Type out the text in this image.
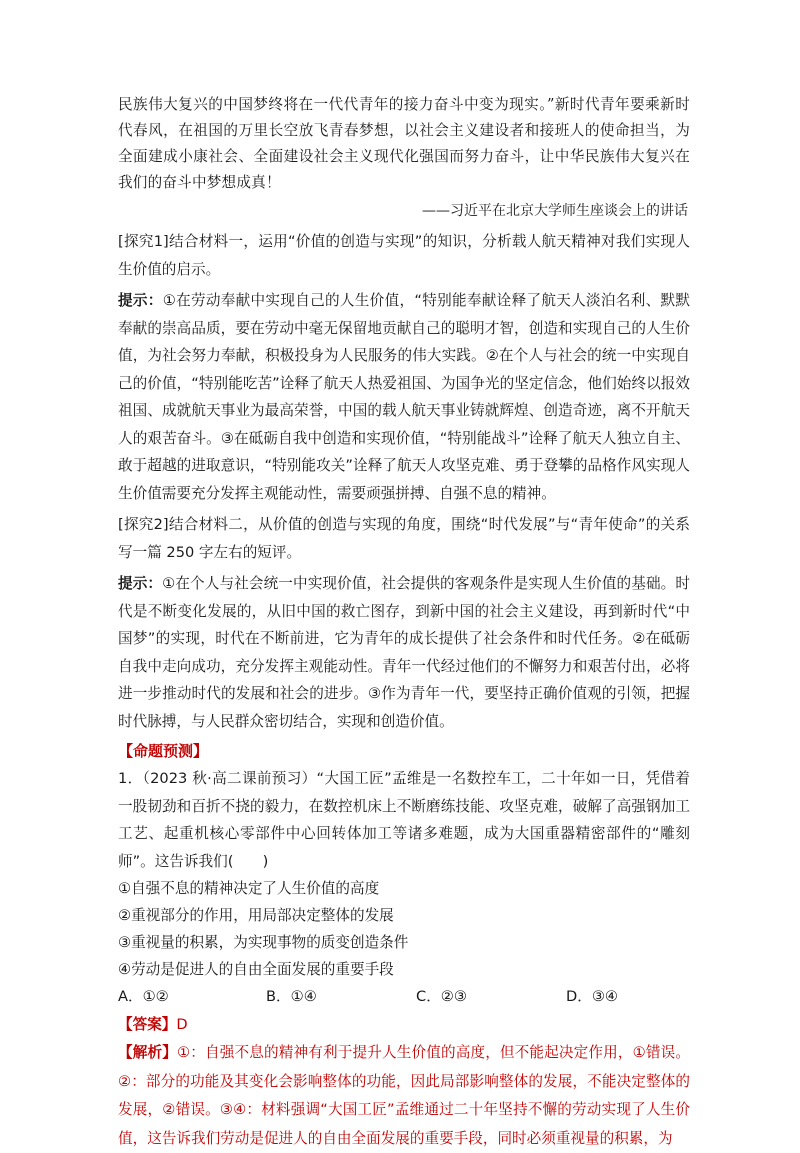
民族伟大复兴的中国梦终将在一代代青年的接力奋斗中变为现实。”新时代青年要乘新时代春风，在祖国的万里长空放飞青春梦想，以社会主义建设者和接班人的使命担当，为全面建成小康社会、全面建设社会主义现代化强国而努力奋斗，让中华民族伟大复兴在我们的奋斗中梦想成真！

——习近平在北京大学师生座谈会上的讲话

[探究1]结合材料一，运用“价值的创造与实现”的知识，分析载人航天精神对我们实现人生价值的启示。

提示：①在劳动奉献中实现自己的人生价值，“特别能奉献诠释了航天人淡泊名利、默默奉献的崇高品质，要在劳动中毫无保留地贡献自己的聪明才智，创造和实现自己的人生价值，为社会努力奉献，积极投身为人民服务的伟大实践。②在个人与社会的统一中实现自己的价值，“特别能吃苦”诠释了航天人热爱祖国、为国争光的坚定信念，他们始终以报效祖国、成就航天事业为最高荣誉，中国的载人航天事业铸就辉煌、创造奇迹，离不开航天人的艰苦奋斗。③在砥砺自我中创造和实现价值，“特别能战斗”诠释了航天人独立自主、敢于超越的进取意识，“特别能攻关”诠释了航天人攻坚克难、勇于登攀的品格作风实现人生价值需要充分发挥主观能动性，需要顽强拼搏、自强不息的精神。

[探究2]结合材料二，从价值的创造与实现的角度，围绕“时代发展”与“青年使命”的关系写一篇 250 字左右的短评。

提示：①在个人与社会统一中实现价值，社会提供的客观条件是实现人生价值的基础。时代是不断变化发展的，从旧中国的救亡图存，到新中国的社会主义建设，再到新时代“中国梦”的实现，时代在不断前进，它为青年的成长提供了社会条件和时代任务。②在砥砺自我中走向成功，充分发挥主观能动性。青年一代经过他们的不懈努力和艰苦付出，必将进一步推动时代的发展和社会的进步。③作为青年一代，要坚持正确价值观的引领，把握时代脉搏，与人民群众密切结合，实现和创造价值。

【命题预测】

1．（2023 秋·高二课前预习）“大国工匠”孟维是一名数控车工，二十年如一日，凭借着一股韧劲和百折不挠的毅力，在数控机床上不断磨练技能、攻坚克难，破解了高强钢加工工艺、起重机核心零部件中心回转体加工等诸多难题，成为大国重器精密部件的“雕刻师”。这告诉我们(　　)

①自强不息的精神决定了人生价值的高度

②重视部分的作用，用局部决定整体的发展

③重视量的积累，为实现事物的质变创造条件

④劳动是促进人的自由全面发展的重要手段

A．①②	B．①④	C．②③	D．③④

【答案】D

【解析】①：自强不息的精神有利于提升人生价值的高度，但不能起决定作用，①错误。②：部分的功能及其变化会影响整体的功能，因此局部影响整体的发展，不能决定整体的发展，②错误。③④：材料强调“大国工匠”孟维通过二十年坚持不懈的劳动实现了人生价值，这告诉我们劳动是促进人的自由全面发展的重要手段，同时必须重视量的积累，为
